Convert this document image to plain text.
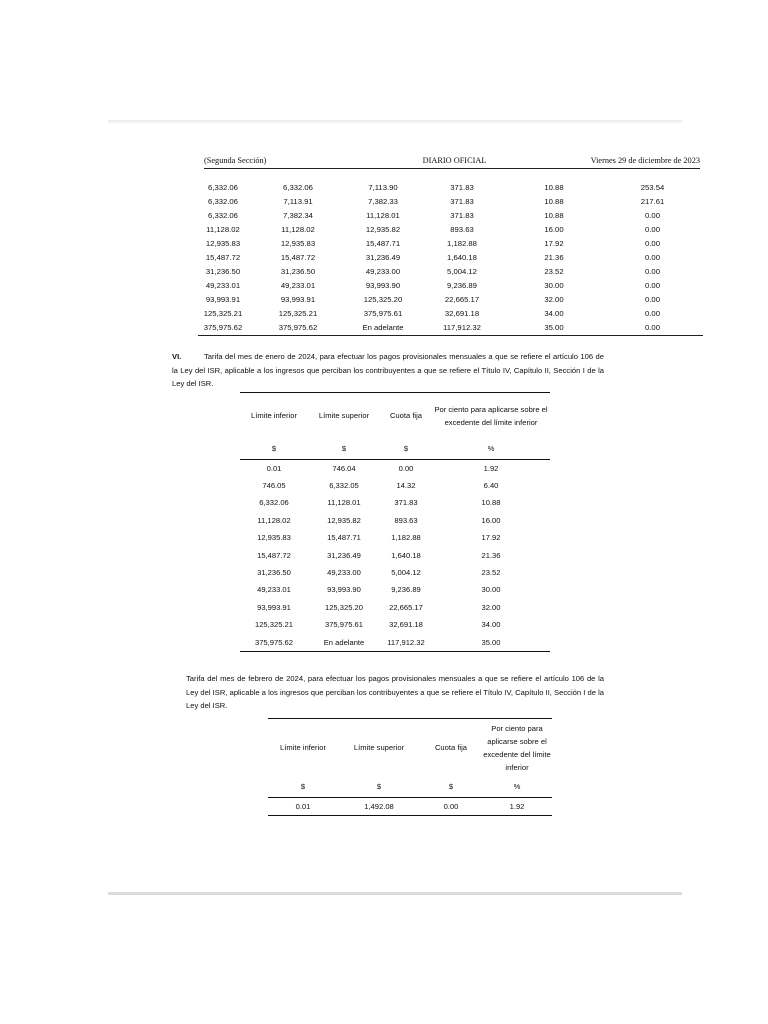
(Segunda Sección)	DIARIO OFICIAL	Viernes 29 de diciembre de 2023
6,332.06	6,332.06	7,113.90	371.83	10.88	253.54
6,332.06	7,113.91	7,382.33	371.83	10.88	217.61
6,332.06	7,382.34	11,128.01	371.83	10.88	0.00
11,128.02	11,128.02	12,935.82	893.63	16.00	0.00
12,935.83	12,935.83	15,487.71	1,182.88	17.92	0.00
15,487.72	15,487.72	31,236.49	1,640.18	21.36	0.00
31,236.50	31,236.50	49,233.00	5,004.12	23.52	0.00
49,233.01	49,233.01	93,993.90	9,236.89	30.00	0.00
93,993.91	93,993.91	125,325.20	22,665.17	32.00	0.00
125,325.21	125,325.21	375,975.61	32,691.18	34.00	0.00
375,975.62	375,975.62	En adelante	117,912.32	35.00	0.00
VI.	Tarifa del mes de enero de 2024, para efectuar los pagos provisionales mensuales a que se refiere el artículo 106 de la Ley del ISR, aplicable a los ingresos que perciban los contribuyentes a que se refiere el Título IV, Capítulo II, Sección I de la Ley del ISR.
Límite inferior	Límite superior	Cuota fija	Por ciento para aplicarse sobre el excedente del límite inferior
$	$	$	%
0.01	746.04	0.00	1.92
746.05	6,332.05	14.32	6.40
6,332.06	11,128.01	371.83	10.88
11,128.02	12,935.82	893.63	16.00
12,935.83	15,487.71	1,182.88	17.92
15,487.72	31,236.49	1,640.18	21.36
31,236.50	49,233.00	5,004.12	23.52
49,233.01	93,993.90	9,236.89	30.00
93,993.91	125,325.20	22,665.17	32.00
125,325.21	375,975.61	32,691.18	34.00
375,975.62	En adelante	117,912.32	35.00
Tarifa del mes de febrero de 2024, para efectuar los pagos provisionales mensuales a que se refiere el artículo 106 de la Ley del ISR, aplicable a los ingresos que perciban los contribuyentes a que se refiere el Título IV, Capítulo II, Sección I de la Ley del ISR.
Límite inferior	Límite superior	Cuota fija	Por ciento para aplicarse sobre el excedente del límite inferior
$	$	$	%
0.01	1,492.08	0.00	1.92
